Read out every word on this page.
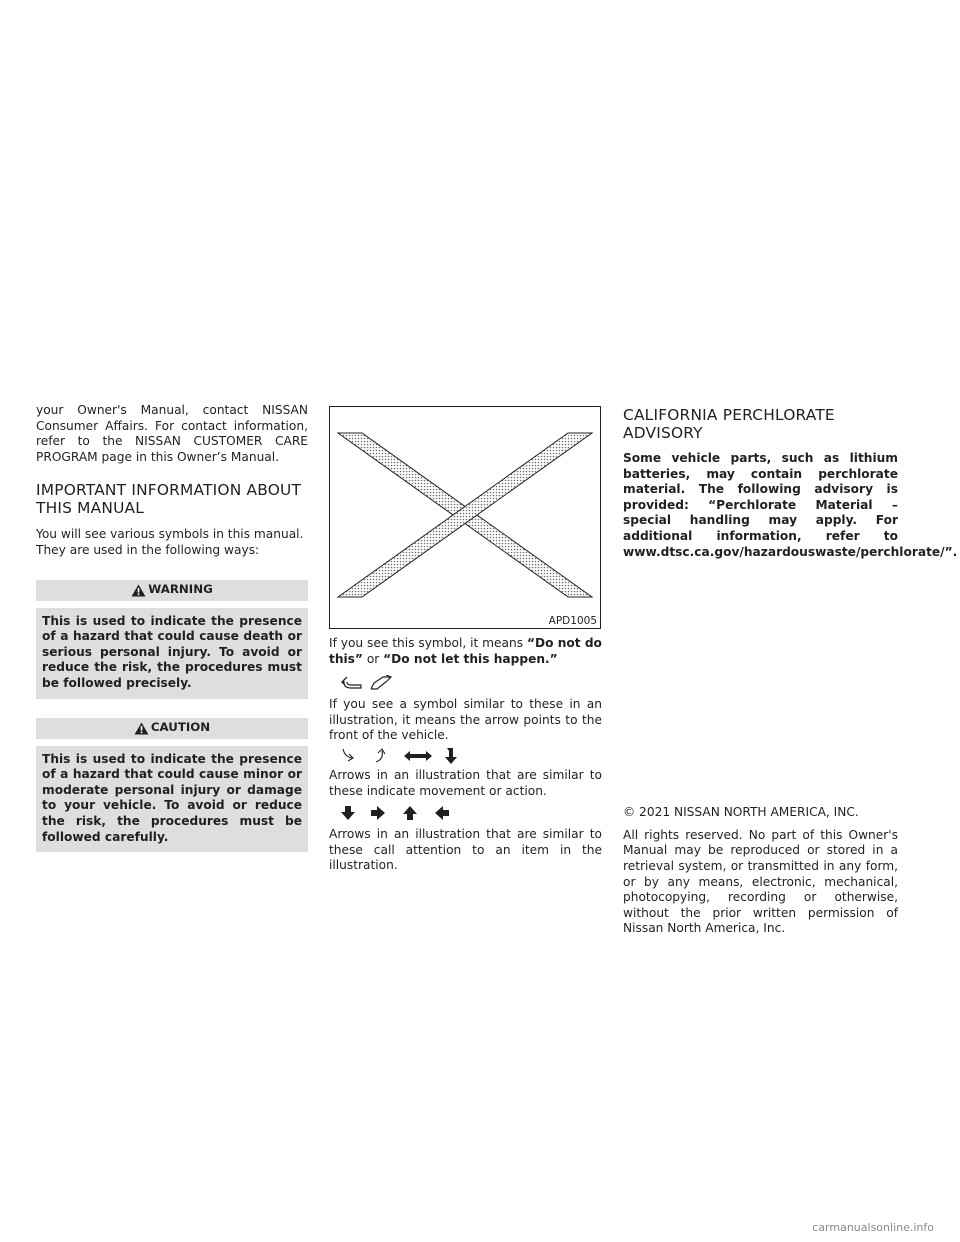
your Owner's Manual, contact NISSAN Consumer Affairs. For contact information, refer to the NISSAN CUSTOMER CARE PROGRAM page in this Owner’s Manual.

IMPORTANT INFORMATION ABOUT
THIS MANUAL

You will see various symbols in this manual. They are used in the following ways:

WARNING
This is used to indicate the presence of a hazard that could cause death or serious personal injury. To avoid or reduce the risk, the procedures must be followed precisely.
CAUTION
This is used to indicate the presence of a hazard that could cause minor or moderate personal injury or damage to your vehicle. To avoid or reduce the risk, the procedures must be followed carefully.
APD1005

If you see this symbol, it means “Do not do this” or “Do not let this happen.”

If you see a symbol similar to these in an illustration, it means the arrow points to the front of the vehicle.

Arrows in an illustration that are similar to these indicate movement or action.

Arrows in an illustration that are similar to these call attention to an item in the illustration.

CALIFORNIA PERCHLORATE
ADVISORY

Some vehicle parts, such as lithium batteries, may contain perchlorate material. The following advisory is provided: “Perchlorate Material – special handling may apply. For additional information, refer to www.dtsc.ca.gov/hazardouswaste/perchlorate/”.

© 2021 NISSAN NORTH AMERICA, INC.

All rights reserved. No part of this Owner's Manual may be reproduced or stored in a retrieval system, or transmitted in any form, or by any means, electronic, mechanical, photocopying, recording or otherwise, without the prior written permission of Nissan North America, Inc.

carmanualsonline.info
